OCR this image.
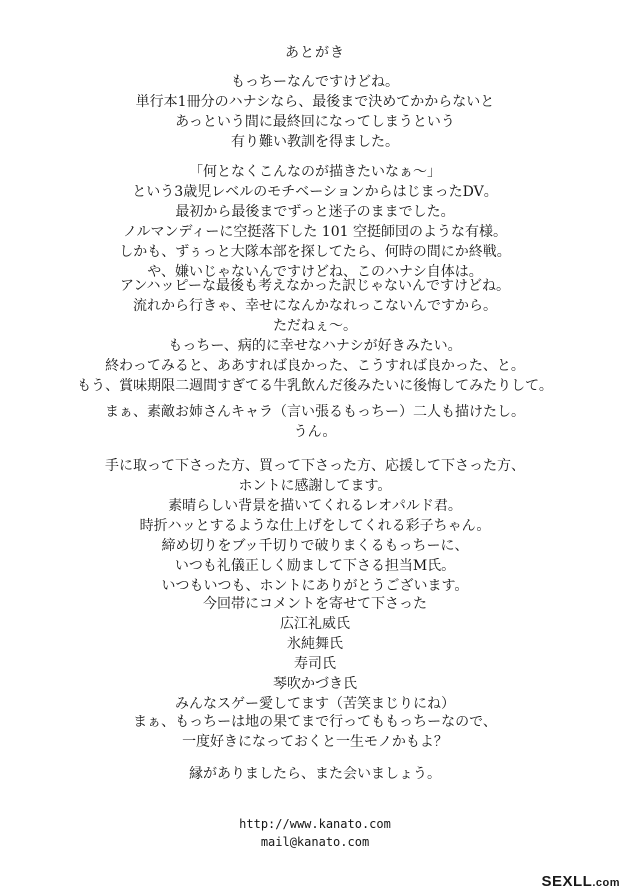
あとがき
もっちーなんですけどね。
単行本1冊分のハナシなら、最後まで決めてかからないと
あっという間に最終回になってしまうという
有り難い教訓を得ました。
「何となくこんなのが描きたいなぁ～」
という3歳児レベルのモチベーションからはじまったDV。
最初から最後までずっと迷子のままでした。
ノルマンディーに空挺落下した 101 空挺師団のような有様。
しかも、ずぅっと大隊本部を探してたら、何時の間にか終戦。
や、嫌いじゃないんですけどね、このハナシ自体は。
アンハッピーな最後も考えなかった訳じゃないんですけどね。
流れから行きゃ、幸せになんかなれっこないんですから。
ただねぇ～。
もっちー、病的に幸せなハナシが好きみたい。
終わってみると、ああすれば良かった、こうすれば良かった、と。
もう、賞味期限二週間すぎてる牛乳飲んだ後みたいに後悔してみたりして。
まぁ、素敵お姉さんキャラ（言い張るもっちー）二人も描けたし。
うん。
手に取って下さった方、買って下さった方、応援して下さった方、
ホントに感謝してます。
素晴らしい背景を描いてくれるレオパルド君。
時折ハッとするような仕上げをしてくれる彩子ちゃん。
締め切りをブッ千切りで破りまくるもっちーに、
いつも礼儀正しく励まして下さる担当M氏。
いつもいつも、ホントにありがとうございます。
今回帯にコメントを寄せて下さった
広江礼威氏
氷純舞氏
寿司氏
琴吹かづき氏
みんなスゲー愛してます（苦笑まじりにね）
まぁ、もっちーは地の果てまで行ってももっちーなので、
一度好きになっておくと一生モノかもよ？
縁がありましたら、また会いましょう。
http://www.kanato.com
mail@kanato.com
SEXLL.com
